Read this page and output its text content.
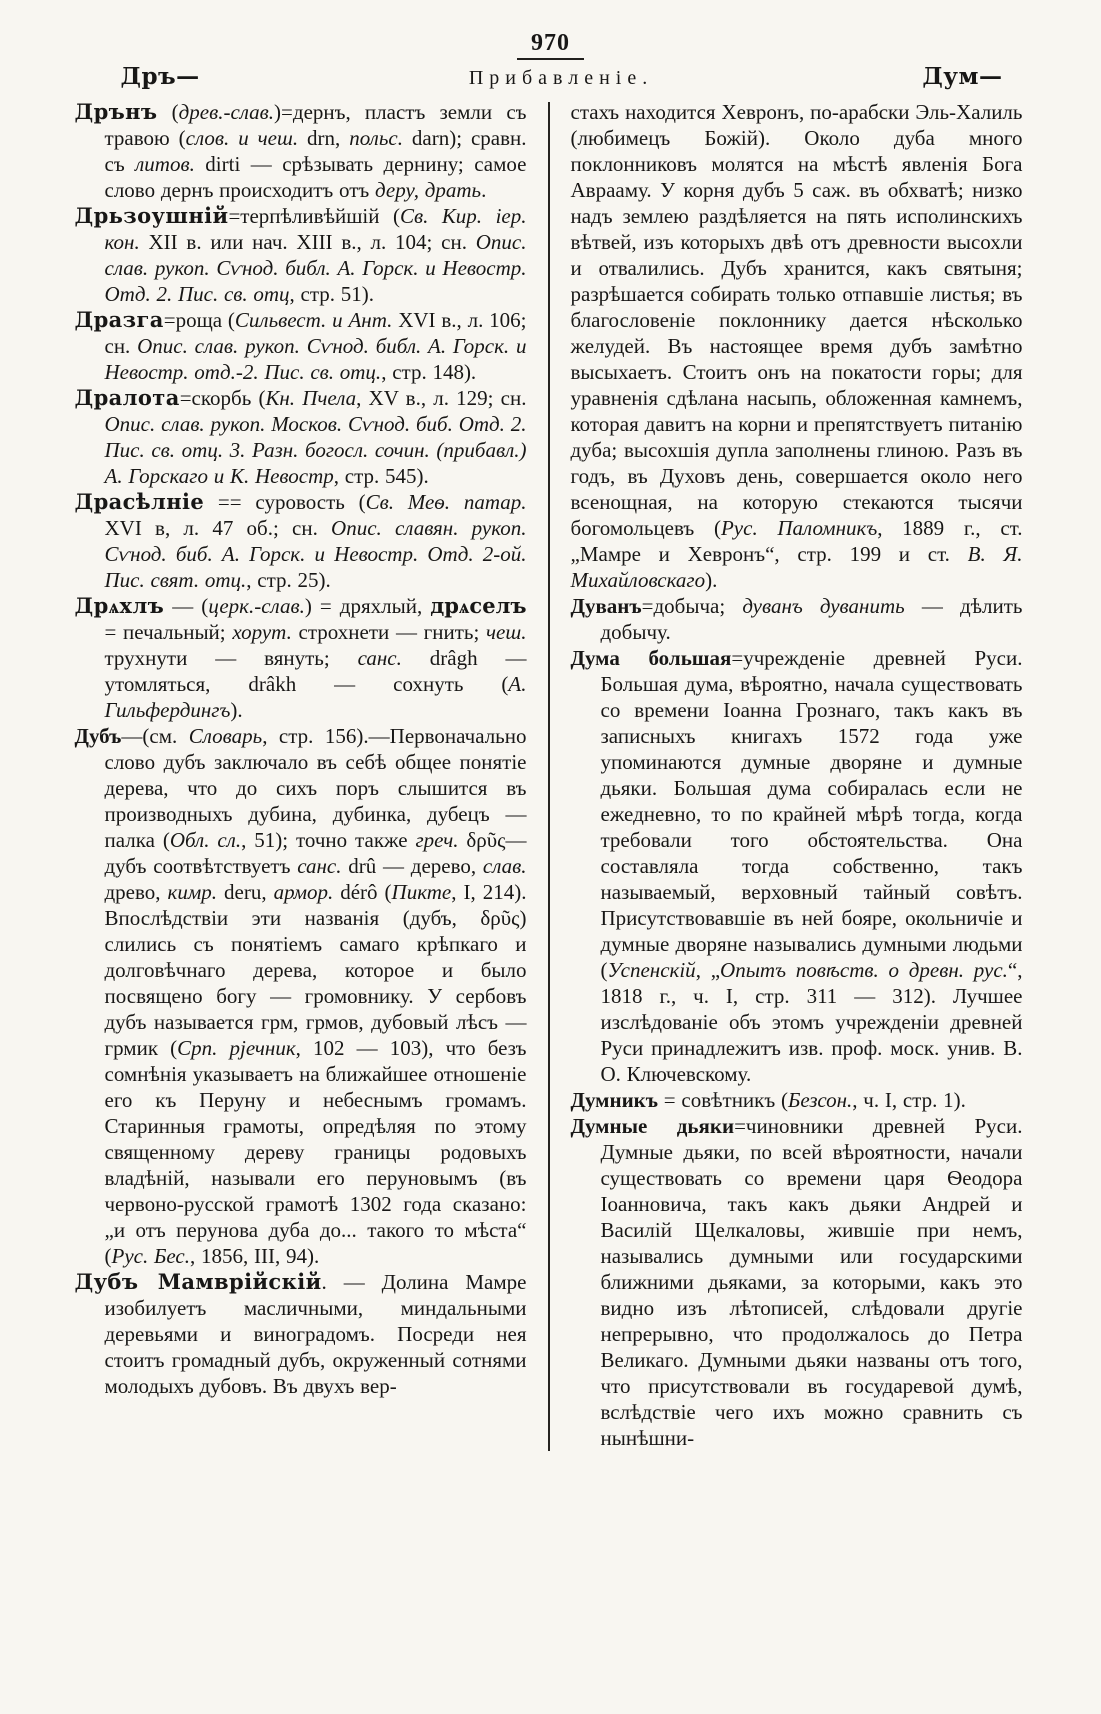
970
Дръ—	Прибавленіе.	Дум—

Дрънъ (древ.-слав.)=дернъ, пластъ земли съ травою (слов. и чеш. drn, польс. darn); сравн. съ литов. dirti — срѣзывать дернину; самое слово дернъ происходитъ отъ деру, драть.

Дрьзоушній=терпѣливѣйшій (Св. Кир. іер. кон. XII в. или нач. XIII в., л. 104; сн. Опис. слав. рукоп. Сѵнод. библ. А. Горск. и Невостр. Отд. 2. Пис. св. отц, стр. 51).

Дразга=роща (Сильвест. и Ант. XVI в., л. 106; сн. Опис. слав. рукоп. Сѵнод. библ. А. Горск. и Невостр. отд.-2. Пис. св. отц., стр. 148).

Дралота=скорбь (Кн. Пчела, XV в., л. 129; сн. Опис. слав. рукоп. Москов. Сѵнод. биб. Отд. 2. Пис. св. отц. 3. Разн. богосл. сочин. (прибавл.) А. Горскаго и К. Невостр, стр. 545).

Драсѣлніе == суровость (Св. Меѳ. патар. XVI в, л. 47 об.; сн. Опис. славян. рукоп. Сѵнод. биб. А. Горск. и Невостр. Отд. 2-ой. Пис. свят. отц., стр. 25).

Дрѧхлъ — (церк.-слав.) = дряхлый, дрѧселъ = печальный; хорут. строхнети — гнить; чеш. трухнути — вянуть; санс. drâgh — утомляться, drâkh — сохнуть (А. Гильфердингъ).

Дубъ—(см. Словарь, стр. 156).—Первоначально слово дубъ заключало въ себѣ общее понятіе дерева, что до сихъ поръ слышится въ производныхъ дубина, дубинка, дубецъ — палка (Обл. сл., 51); точно также греч. δρῦς—дубъ соотвѣтствуетъ санс. drû — дерево, слав. древо, кимр. deru, армор. dérô (Пикте, I, 214). Впослѣдствіи эти названія (дубъ, δρῦς) слились съ понятіемъ самаго крѣпкаго и долговѣчнаго дерева, которое и было посвящено богу — громовнику. У сербовъ дубъ называется грм, грмов, дубовый лѣсъ — грмик (Срп. рјечник, 102 — 103), что безъ сомнѣнія указываетъ на ближайшее отношеніе его къ Перуну и небеснымъ громамъ. Старинныя грамоты, опредѣляя по этому священному дереву границы родовыхъ владѣній, называли его перуновымъ (въ червоно-русской грамотѣ 1302 года сказано: „и отъ перунова дуба до... такого то мѣста“ (Рус. Бес., 1856, III, 94).

Дубъ Мамврійскій. — Долина Мамре изобилуетъ масличными, миндальными деревьями и виноградомъ. Посреди нея стоитъ громадный дубъ, окруженный сотнями молодыхъ дубовъ. Въ двухъ вер-

стахъ находится Хевронъ, по-арабски Эль-Халиль (любимецъ Божій). Около дуба много поклонниковъ молятся на мѣстѣ явленія Бога Аврааму. У корня дубъ 5 саж. въ обхватѣ; низко надъ землею раздѣляется на пять исполинскихъ вѣтвей, изъ которыхъ двѣ отъ древности высохли и отвалились. Дубъ хранится, какъ святыня; разрѣшается собирать только отпавшіе листья; въ благословеніе поклоннику дается нѣсколько желудей. Въ настоящее время дубъ замѣтно высыхаетъ. Стоитъ онъ на покатости горы; для уравненія сдѣлана насыпь, обложенная камнемъ, которая давитъ на корни и препятствуетъ питанію дуба; высохшія дупла заполнены глиною. Разъ въ годъ, въ Духовъ день, совершается около него всенощная, на которую стекаются тысячи богомольцевъ (Рус. Паломникъ, 1889 г., ст. „Мамре и Хевронъ“, стр. 199 и ст. В. Я. Михайловскаго).

Дуванъ=добыча; дуванъ дуванить — дѣлить добычу.

Дума большая=учрежденіе древней Руси. Большая дума, вѣроятно, начала существовать со времени Іоанна Грознаго, такъ какъ въ записныхъ книгахъ 1572 года уже упоминаются думные дворяне и думные дьяки. Большая дума собиралась если не ежедневно, то по крайней мѣрѣ тогда, когда требовали того обстоятельства. Она составляла тогда собственно, такъ называемый, верховный тайный совѣтъ. Присутствовавшіе въ ней бояре, окольничіе и думные дворяне назывались думными людьми (Успенскій, „Опытъ повѣств. о древн. рус.“, 1818 г., ч. I, стр. 311 — 312). Лучшее изслѣдованіе объ этомъ учрежденіи древней Руси принадлежитъ изв. проф. моск. унив. В. О. Ключевскому.

Думникъ = совѣтникъ (Безсон., ч. I, стр. 1).

Думные дьяки=чиновники древней Руси. Думные дьяки, по всей вѣроятности, начали существовать со времени царя Ѳеодора Іоанновича, такъ какъ дьяки Андрей и Василій Щелкаловы, жившіе при немъ, назывались думными или государскими ближними дьяками, за которыми, какъ это видно изъ лѣтописей, слѣдовали другіе непрерывно, что продолжалось до Петра Великаго. Думными дьяки названы отъ того, что присутствовали въ государевой думѣ, вслѣдствіе чего ихъ можно сравнить съ нынѣшни-
